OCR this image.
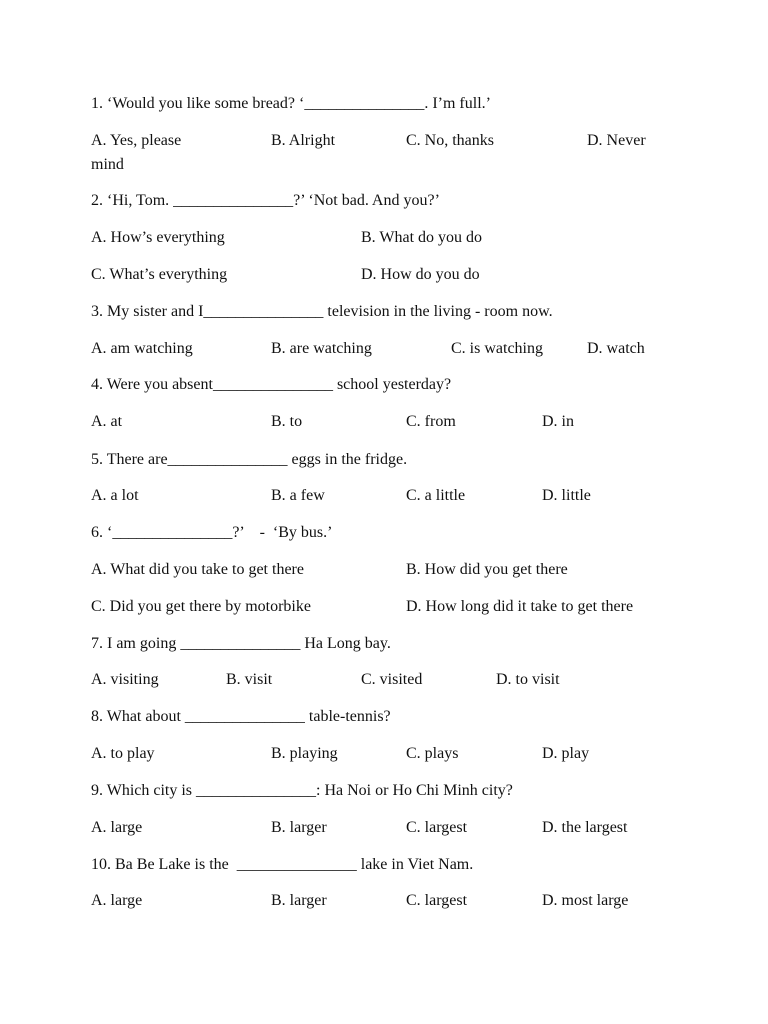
1. ‘Would you like some bread? ‘_______________. I’m full.’
A. Yes, please	B. Alright	C. No, thanks	D. Never
mind
2. ‘Hi, Tom. _______________?’ ‘Not bad. And you?’
A. How’s everything	B. What do you do
C. What’s everything	D. How do you do
3. My sister and I_______________ television in the living - room now.
A. am watching	B. are watching	C. is watching	D. watch
4. Were you absent_______________ school yesterday?
A. at	B. to	C. from	D. in
5. There are_______________ eggs in the fridge.
A. a lot	B. a few	C. a little	D. little
6. ‘_______________?’    -  ‘By bus.’
A. What did you take to get there	B. How did you get there
C. Did you get there by motorbike	D. How long did it take to get there
7. I am going _______________ Ha Long bay.
A. visiting	B. visit	C. visited	D. to visit
8. What about _______________ table-tennis?
A. to play	B. playing	C. plays	D. play
9. Which city is _______________: Ha Noi or Ho Chi Minh city?
A. large	B. larger	C. largest	D. the largest
10. Ba Be Lake is the  _______________ lake in Viet Nam.
A. large	B. larger	C. largest	D. most large
